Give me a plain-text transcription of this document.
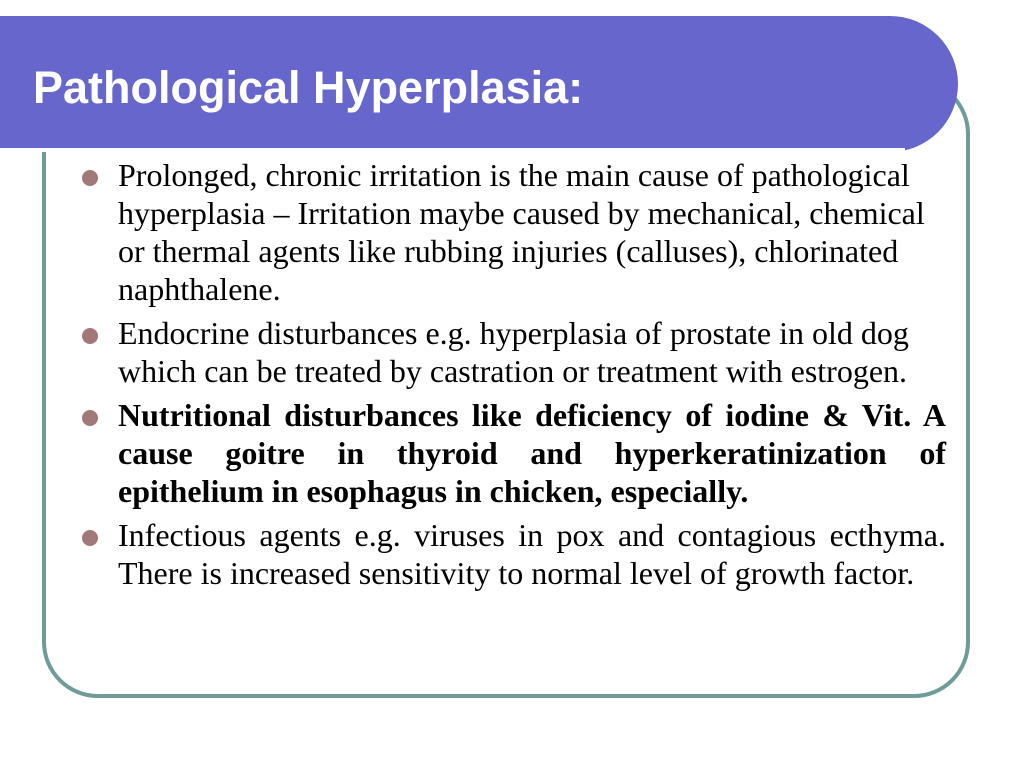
Pathological Hyperplasia:
Prolonged, chronic irritation is the main cause of pathological hyperplasia – Irritation maybe caused by mechanical, chemical or thermal agents like rubbing injuries (calluses), chlorinated naphthalene.
Endocrine disturbances e.g. hyperplasia of prostate in old dog which can be treated by castration or treatment with estrogen.
Nutritional disturbances like deficiency of iodine & Vit. A cause goitre in thyroid and hyperkeratinization of epithelium in esophagus in chicken, especially.
Infectious agents e.g. viruses in pox and contagious ecthyma. There is increased sensitivity to normal level of growth factor.
